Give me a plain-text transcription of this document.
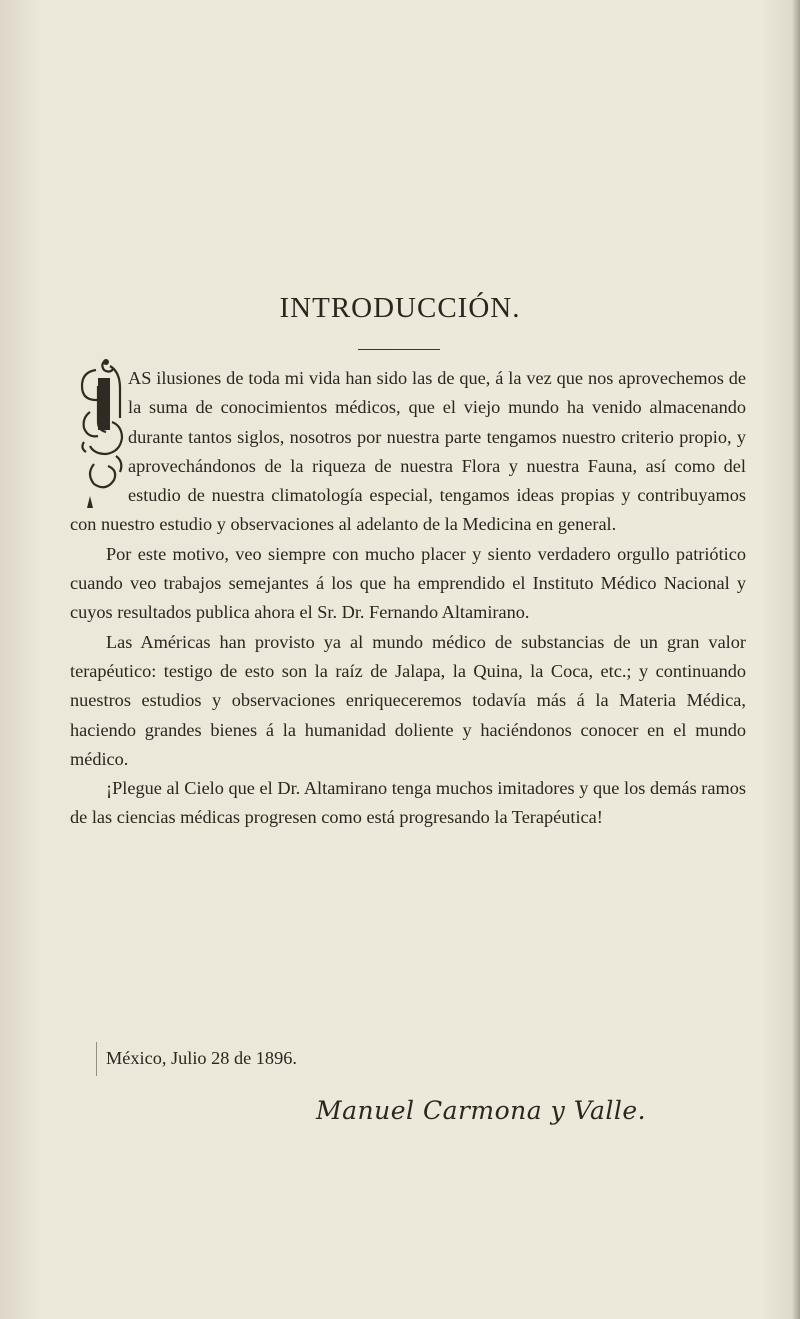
INTRODUCCIÓN.

AS ilusiones de toda mi vida han sido las de que, á la vez que nos aprovechemos de la suma de conocimientos médicos, que el viejo mundo ha venido almacenando durante tantos siglos, nosotros por nuestra parte tengamos nuestro criterio propio, y aprovechándonos de la riqueza de nuestra Flora y nuestra Fauna, así como del estudio de nuestra climatología especial, tengamos ideas propias y contribuyamos con nuestro estudio y observaciones al adelanto de la Medicina en general.

Por este motivo, veo siempre con mucho placer y siento verdadero orgullo patriótico cuando veo trabajos semejantes á los que ha emprendido el Instituto Médico Nacional y cuyos resultados publica ahora el Sr. Dr. Fernando Altamirano.

Las Américas han provisto ya al mundo médico de substancias de un gran valor terapéutico: testigo de esto son la raíz de Jalapa, la Quina, la Coca, etc.; y continuando nuestros estudios y observaciones enriqueceremos todavía más á la Materia Médica, haciendo grandes bienes á la humanidad doliente y haciéndonos conocer en el mundo médico.

¡Plegue al Cielo que el Dr. Altamirano tenga muchos imitadores y que los demás ramos de las ciencias médicas progresen como está progresando la Terapéutica!

México, Julio 28 de 1896.

Manuel Carmona y Valle.
